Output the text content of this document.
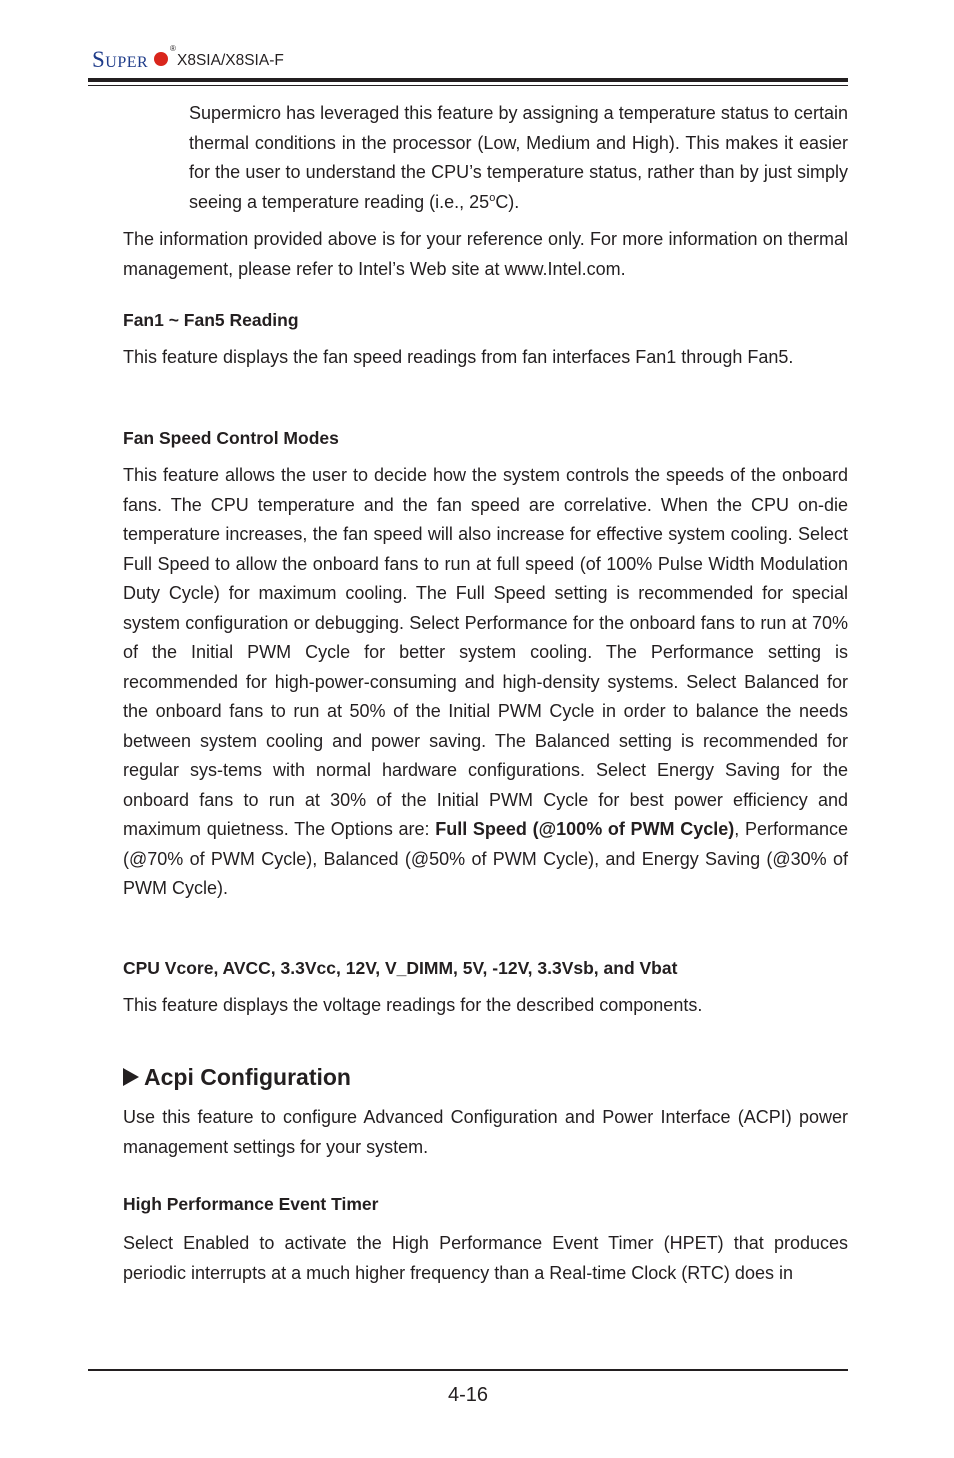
SUPER
®
X8SIA/X8SIA-F

Supermicro has leveraged this feature by assigning a temperature status to certain thermal conditions in the processor (Low, Medium and High). This makes it easier for the user to understand the CPU’s temperature status, rather than by just simply seeing a temperature reading (i.e., 25$^o$C).

The information provided above is for your reference only. For more information on thermal management, please refer to Intel’s Web site at www.Intel.com.

Fan1 ~ Fan5 Reading

This feature displays the fan speed readings from fan interfaces Fan1 through Fan5.

Fan Speed Control Modes

This feature allows the user to decide how the system controls the speeds of the onboard fans. The CPU temperature and the fan speed are correlative. When the CPU on-die temperature increases, the fan speed will also increase for effective system cooling. Select Full Speed to allow the onboard fans to run at full speed (of 100% Pulse Width Modulation Duty Cycle) for maximum cooling. The Full Speed setting is recommended for special system configuration or debugging. Select Performance for the onboard fans to run at 70% of the Initial PWM Cycle for better system cooling. The Performance setting is recommended for high-power-consuming and high-density systems. Select Balanced for the onboard fans to run at 50% of the Initial PWM Cycle in order to balance the needs between system cooling and power saving. The Balanced setting is recommended for regular sys-tems with normal hardware configurations. Select Energy Saving for the onboard fans to run at 30% of the Initial PWM Cycle for best power efficiency and maximum quietness. The Options are: Full Speed (@100% of PWM Cycle), Performance (@70% of PWM Cycle), Balanced (@50% of PWM Cycle), and Energy Saving (@30% of PWM Cycle).

CPU Vcore, AVCC, 3.3Vcc, 12V, V_DIMM, 5V, -12V, 3.3Vsb, and Vbat

This feature displays the voltage readings for the described components.

Acpi Configuration

Use this feature to configure Advanced Configuration and Power Interface (ACPI) power management settings for your system.

High Performance Event Timer

Select Enabled to activate the High Performance Event Timer (HPET) that produces periodic interrupts at a much higher frequency than a Real-time Clock (RTC) does in

4-16
